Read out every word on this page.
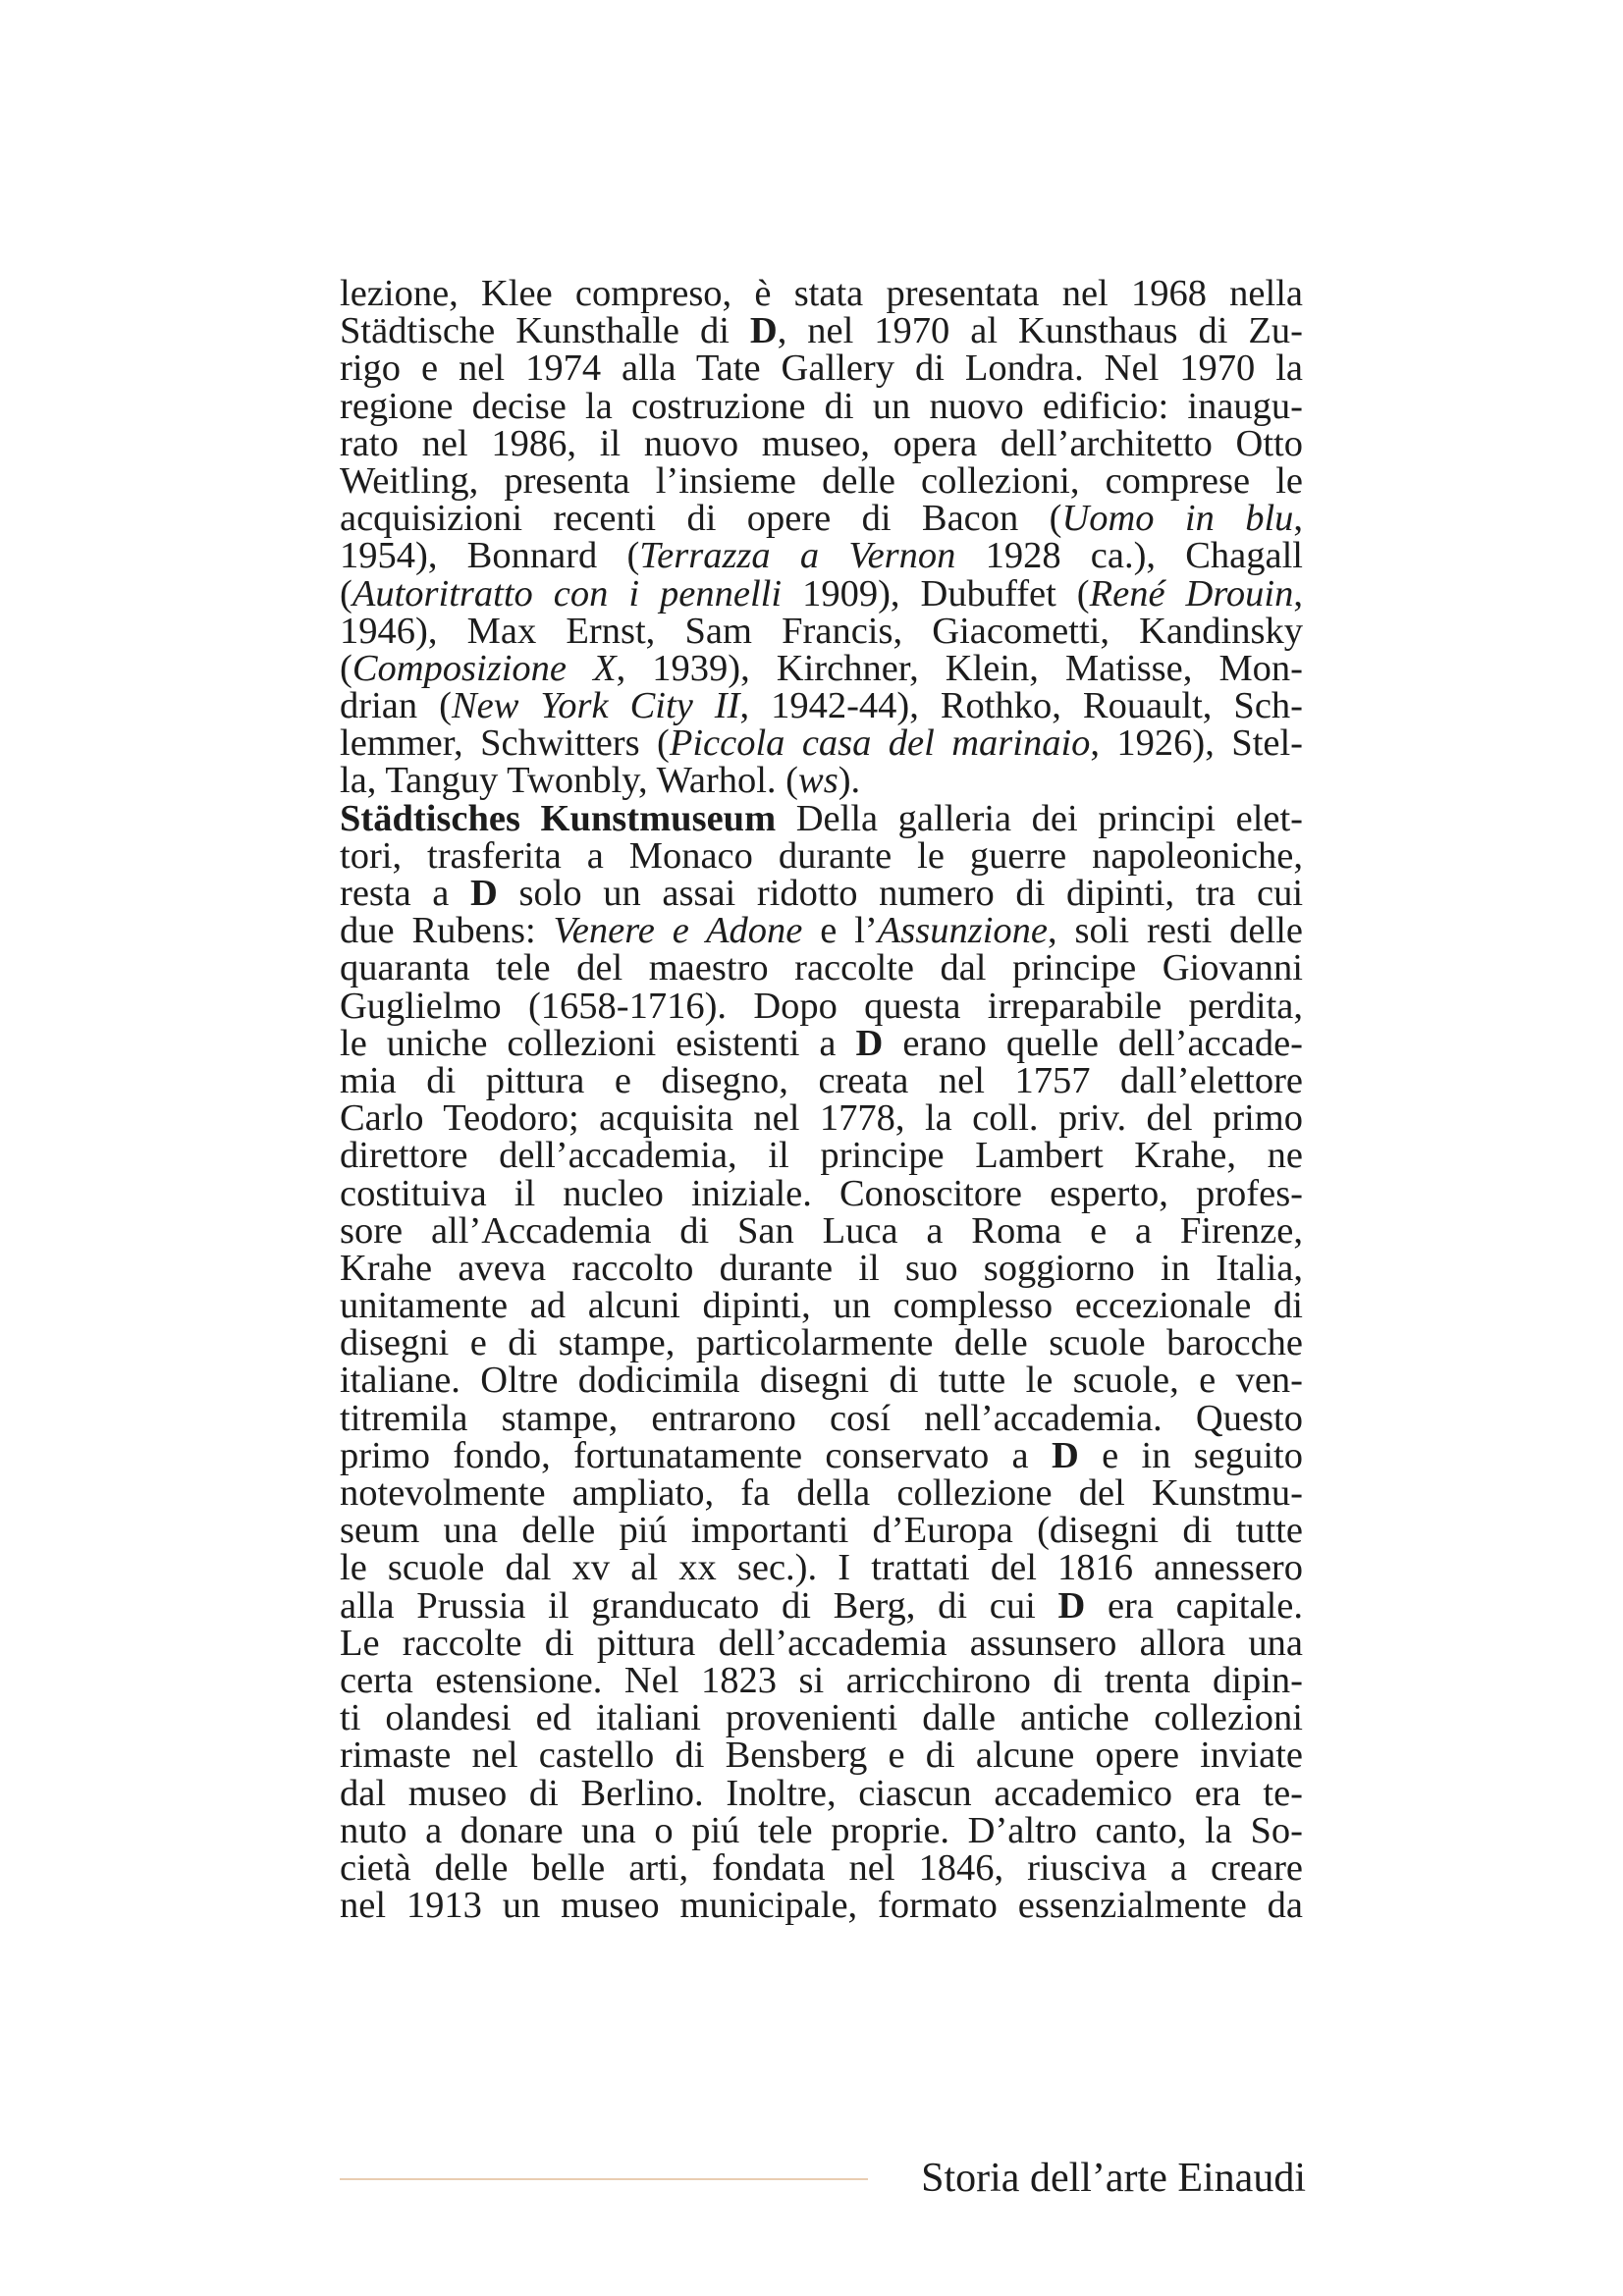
lezione, Klee compreso, è stata presentata nel 1968 nella
Städtische Kunsthalle di D, nel 1970 al Kunsthaus di Zu-
rigo e nel 1974 alla Tate Gallery di Londra. Nel 1970 la
regione decise la costruzione di un nuovo edificio: inaugu-
rato nel 1986, il nuovo museo, opera dell’architetto Otto
Weitling, presenta l’insieme delle collezioni, comprese le
acquisizioni recenti di opere di Bacon (Uomo in blu,
1954), Bonnard (Terrazza a Vernon 1928 ca.), Chagall
(Autoritratto con i pennelli 1909), Dubuffet (René Drouin,
1946), Max Ernst, Sam Francis, Giacometti, Kandinsky
(Composizione X, 1939), Kirchner, Klein, Matisse, Mon-
drian (New York City II, 1942-44), Rothko, Rouault, Sch-
lemmer, Schwitters (Piccola casa del marinaio, 1926), Stel-
la, Tanguy Twonbly, Warhol. (ws).
Städtisches Kunstmuseum Della galleria dei principi elet-
tori, trasferita a Monaco durante le guerre napoleoniche,
resta a D solo un assai ridotto numero di dipinti, tra cui
due Rubens: Venere e Adone e l’Assunzione, soli resti delle
quaranta tele del maestro raccolte dal principe Giovanni
Guglielmo (1658-1716). Dopo questa irreparabile perdita,
le uniche collezioni esistenti a D erano quelle dell’accade-
mia di pittura e disegno, creata nel 1757 dall’elettore
Carlo Teodoro; acquisita nel 1778, la coll. priv. del primo
direttore dell’accademia, il principe Lambert Krahe, ne
costituiva il nucleo iniziale. Conoscitore esperto, profes-
sore all’Accademia di San Luca a Roma e a Firenze,
Krahe aveva raccolto durante il suo soggiorno in Italia,
unitamente ad alcuni dipinti, un complesso eccezionale di
disegni e di stampe, particolarmente delle scuole barocche
italiane. Oltre dodicimila disegni di tutte le scuole, e ven-
titremila stampe, entrarono cosí nell’accademia. Questo
primo fondo, fortunatamente conservato a D e in seguito
notevolmente ampliato, fa della collezione del Kunstmu-
seum una delle piú importanti d’Europa (disegni di tutte
le scuole dal xv al xx sec.). I trattati del 1816 annessero
alla Prussia il granducato di Berg, di cui D era capitale.
Le raccolte di pittura dell’accademia assunsero allora una
certa estensione. Nel 1823 si arricchirono di trenta dipin-
ti olandesi ed italiani provenienti dalle antiche collezioni
rimaste nel castello di Bensberg e di alcune opere inviate
dal museo di Berlino. Inoltre, ciascun accademico era te-
nuto a donare una o piú tele proprie. D’altro canto, la So-
cietà delle belle arti, fondata nel 1846, riusciva a creare
nel 1913 un museo municipale, formato essenzialmente da
Storia dell’arte Einaudi
